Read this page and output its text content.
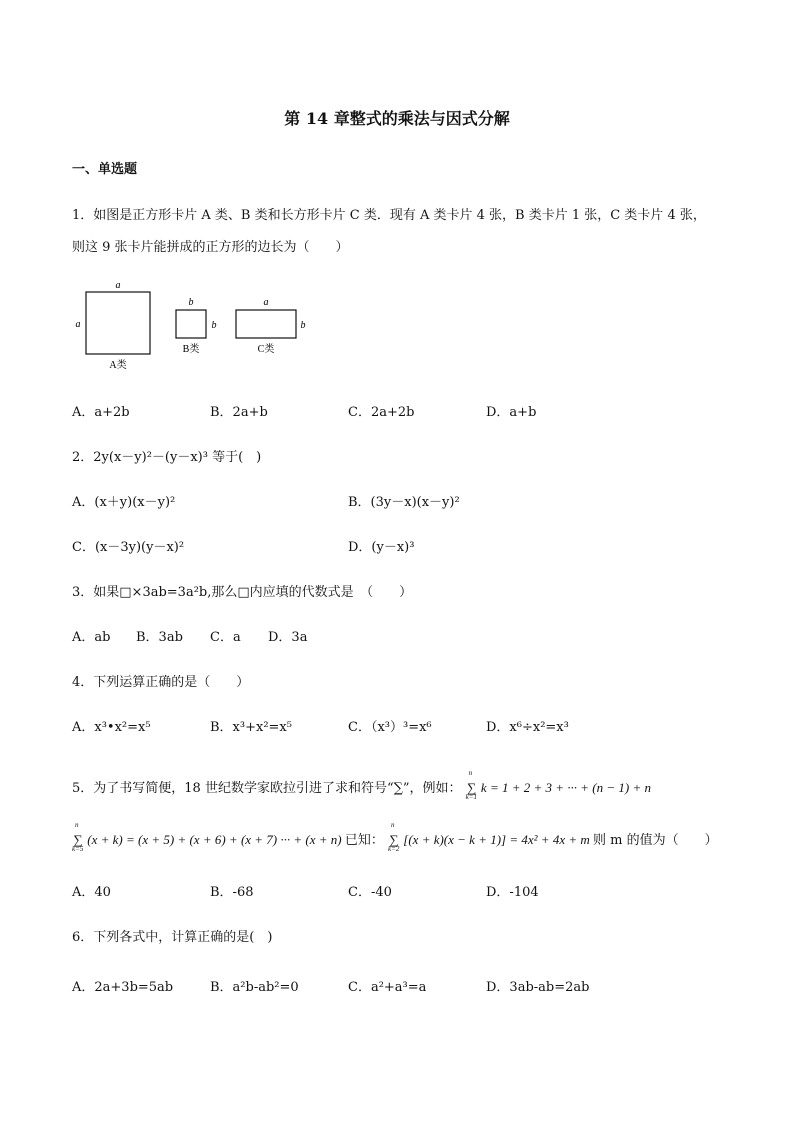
第 14 章整式的乘法与因式分解
一、单选题
1．如图是正方形卡片 A 类、B 类和长方形卡片 C 类．现有 A 类卡片 4 张，B 类卡片 1 张，C 类卡片 4 张，
则这 9 张卡片能拼成的正方形的边长为（　　）
a
a
A类
b
b
B类
a
b
C类
A．a+2b	B．2a+b	C．2a+2b	D．a+b
2．2y(x－y)²－(y－x)³ 等于(　)
A．(x＋y)(x－y)²	B．(3y－x)(x－y)²
C．(x－3y)(y－x)²	D．(y－x)³
3．如果□×3ab=3a²b,那么□内应填的代数式是　（　　）
A．ab B．3ab C．a D．3a
4．下列运算正确的是（　　）
A．x³•x²=x⁵	B．x³+x²=x⁵	C．（x³）³=x⁶	D．x⁶÷x²=x³
5．为了书写简便，18 世纪数学家欧拉引进了求和符号“∑”，例如： ∑
n
k=1
k = 1 + 2 + 3 + ··· + (n − 1) + n
∑
n
k=5
(x + k) = (x + 5) + (x + 6) + (x + 7) ··· + (x + n) 已知： ∑
n
k=2
[(x + k)(x − k + 1)] = 4x² + 4x + m 则 m 的值为（　　）
A．40	B．-68	C．-40	D．-104
6．下列各式中，计算正确的是(　)
A．2a+3b=5ab	B．a²b-ab²=0	C．a²+a³=a	D．3ab-ab=2ab
